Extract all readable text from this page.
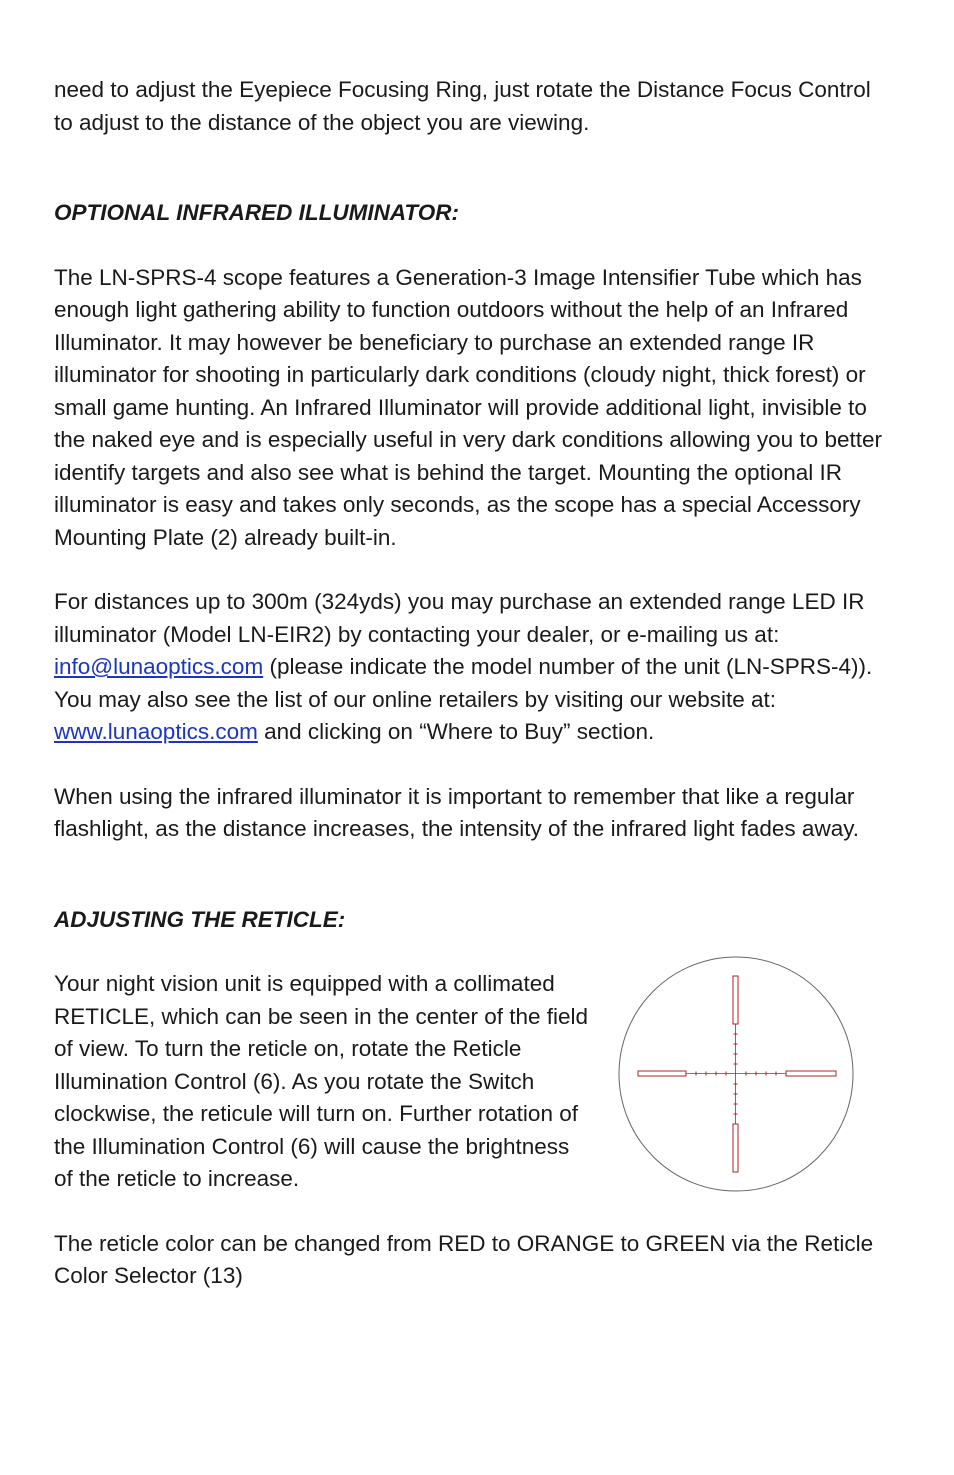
need to adjust the Eyepiece Focusing Ring, just rotate the Distance Focus Control to adjust to the distance of the object you are viewing.

OPTIONAL INFRARED ILLUMINATOR:

The LN-SPRS-4 scope features a Generation-3 Image Intensifier Tube which has enough light gathering ability to function outdoors without the help of an Infrared Illuminator. It may however be beneficiary to purchase an extended range IR illuminator for shooting in particularly dark conditions (cloudy night, thick forest) or small game hunting. An Infrared Illuminator will provide additional light, invisible to the naked eye and is especially useful in very dark conditions allowing you to better identify targets and also see what is behind the target. Mounting the optional IR illuminator is easy and takes only seconds, as the scope has a special Accessory Mounting Plate (2) already built-in.

For distances up to 300m (324yds) you may purchase an extended range LED IR illuminator (Model LN-EIR2) by contacting your dealer, or e-mailing us at: info@lunaoptics.com (please indicate the model number of the unit (LN-SPRS-4)). You may also see the list of our online retailers by visiting our website at: www.lunaoptics.com and clicking on “Where to Buy” section.

When using the infrared illuminator it is important to remember that like a regular flashlight, as the distance increases, the intensity of the infrared light fades away.

ADJUSTING THE RETICLE:

Your night vision unit is equipped with a collimated RETICLE, which can be seen in the center of the field of view. To turn the reticle on, rotate the Reticle Illumination Control (6). As you rotate the Switch clockwise, the reticule will turn on. Further rotation of the Illumination Control (6) will cause the brightness of the reticle to increase.

The reticle color can be changed from RED to ORANGE to GREEN via the Reticle Color Selector (13)
